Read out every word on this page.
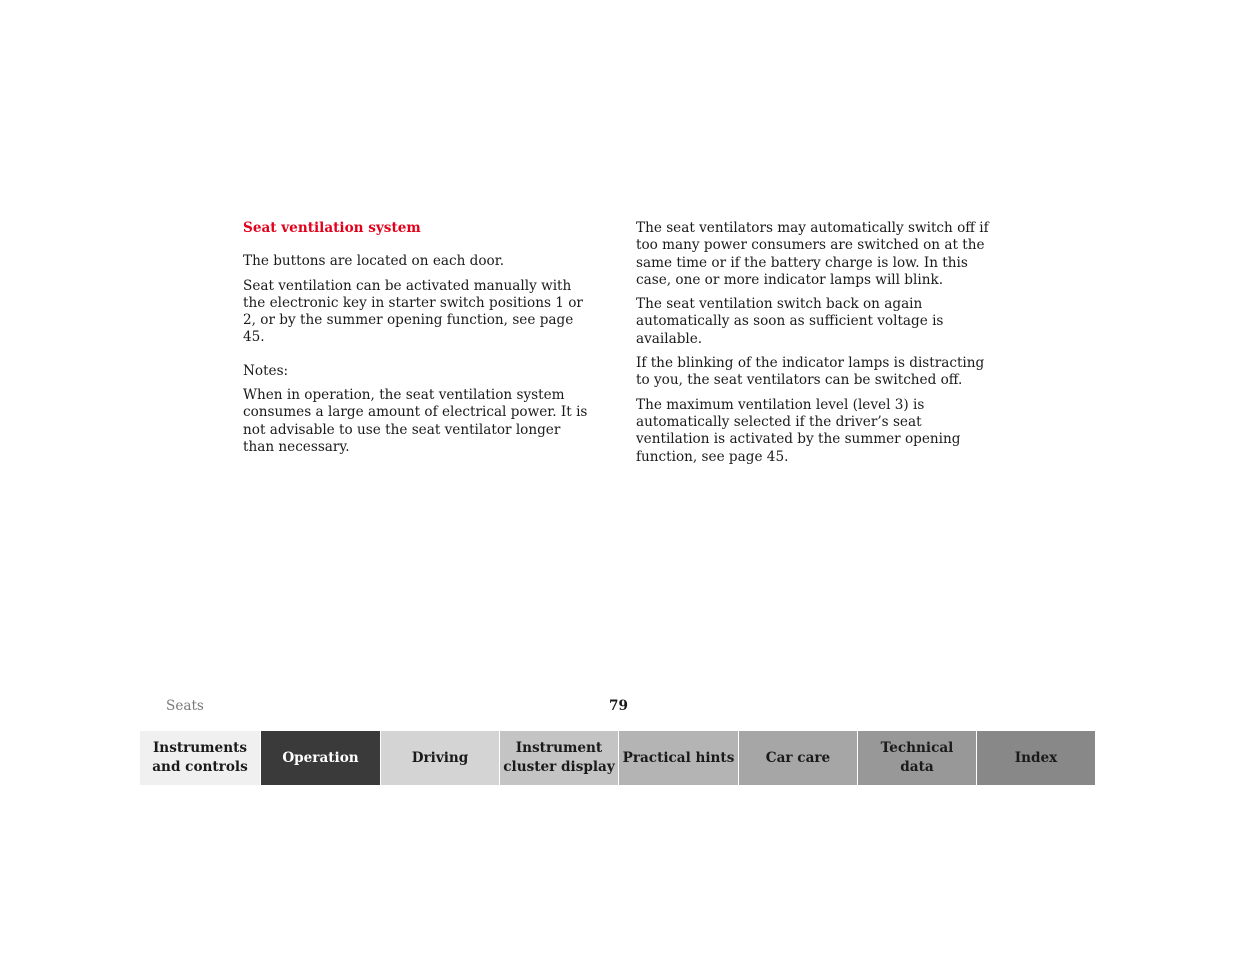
Seat ventilation system

The buttons are located on each door.

Seat ventilation can be activated manually with the electronic key in starter switch positions 1 or 2, or by the summer opening function, see page 45.

Notes:

When in operation, the seat ventilation system consumes a large amount of electrical power. It is not advisable to use the seat ventilator longer than necessary.

The seat ventilators may automatically switch off if too many power consumers are switched on at the same time or if the battery charge is low. In this case, one or more indicator lamps will blink.

The seat ventilation switch back on again automatically as soon as sufficient voltage is available.

If the blinking of the indicator lamps is distracting to you, the seat ventilators can be switched off.

The maximum ventilation level (level 3) is automatically selected if the driver’s seat ventilation is activated by the summer opening function, see page 45.

Seats	79
Instruments
and controls
Operation	Driving
Instrument
cluster display
Practical hints	Car care
Technical
data
Index
